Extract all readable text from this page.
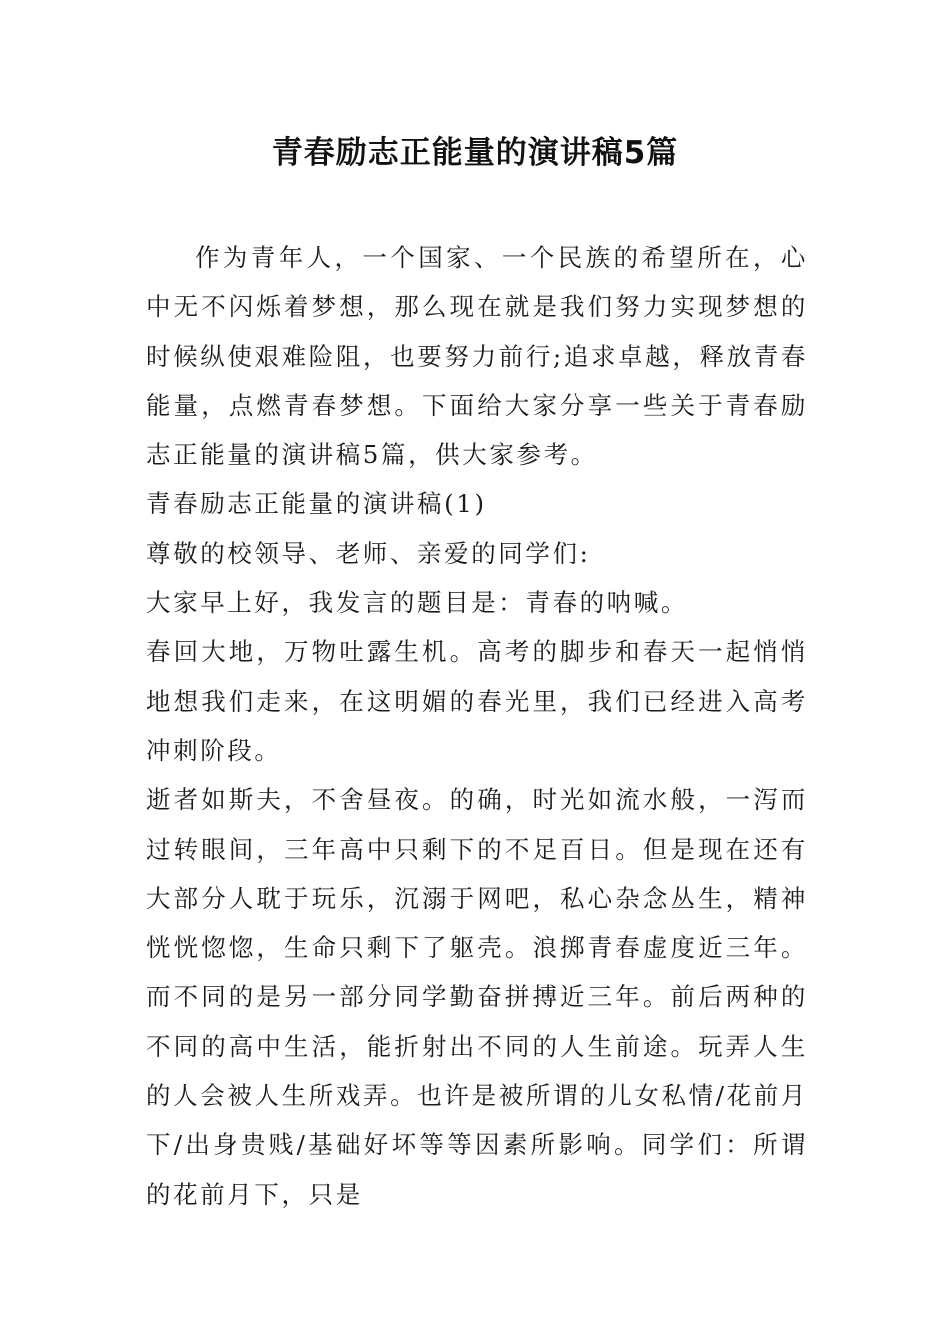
青春励志正能量的演讲稿5篇

作为青年人，一个国家、一个民族的希望所在，心中无不闪烁着梦想，那么现在就是我们努力实现梦想的时候纵使艰难险阻，也要努力前行;追求卓越，释放青春能量，点燃青春梦想。下面给大家分享一些关于青春励志正能量的演讲稿5篇，供大家参考。

青春励志正能量的演讲稿(1)

尊敬的校领导、老师、亲爱的同学们:

大家早上好，我发言的题目是：青春的呐喊。

春回大地，万物吐露生机。高考的脚步和春天一起悄悄地想我们走来，在这明媚的春光里，我们已经进入高考冲刺阶段。

逝者如斯夫，不舍昼夜。的确，时光如流水般，一泻而过转眼间，三年高中只剩下的不足百日。但是现在还有大部分人耽于玩乐，沉溺于网吧，私心杂念丛生，精神恍恍惚惚，生命只剩下了躯壳。浪掷青春虚度近三年。而不同的是另一部分同学勤奋拼搏近三年。前后两种的不同的高中生活，能折射出不同的人生前途。玩弄人生的人会被人生所戏弄。也许是被所谓的儿女私情/花前月下/出身贵贱/基础好坏等等因素所影响。同学们：所谓的花前月下，只是
